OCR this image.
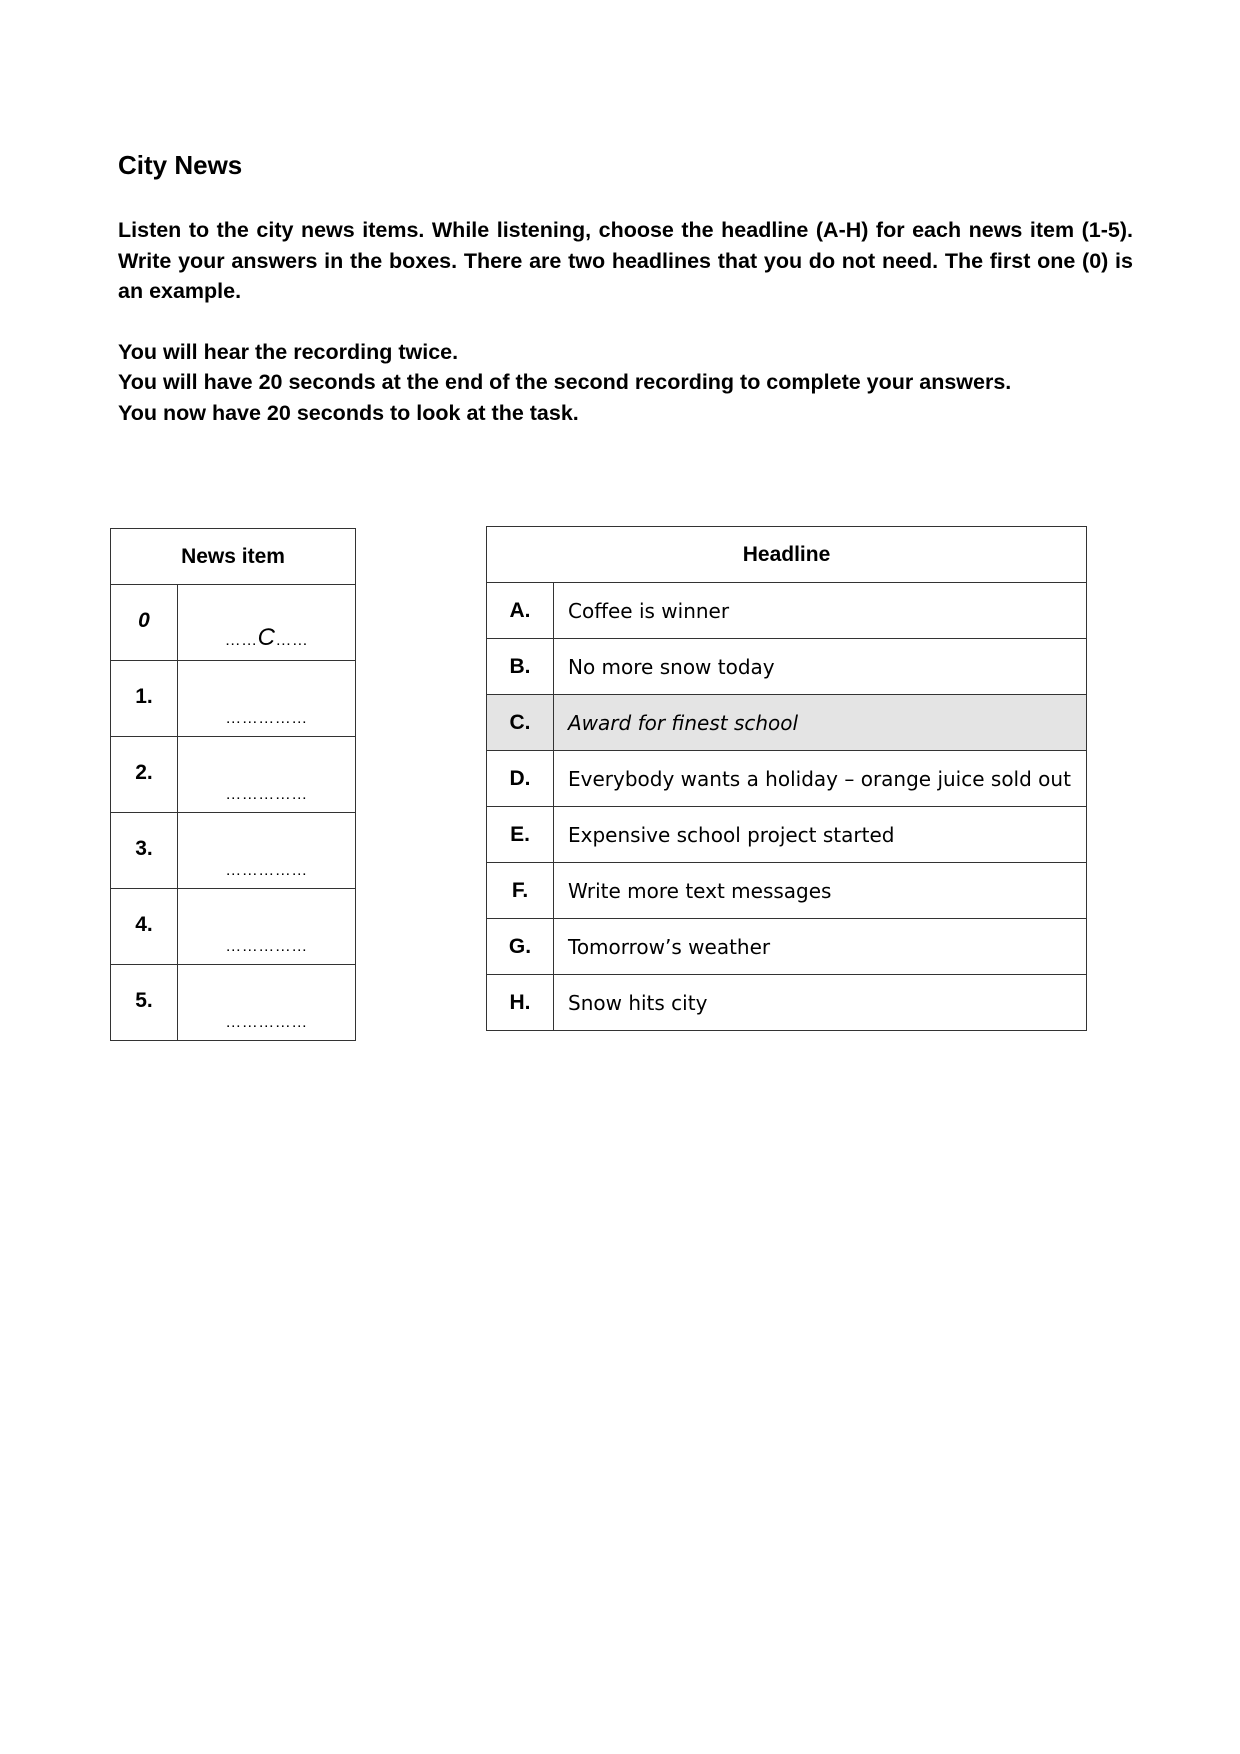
City News

Listen to the city news items. While listening, choose the headline (A-H) for each news item (1-5). Write your answers in the boxes. There are two headlines that you do not need. The first one (0) is an example.

You will hear the recording twice.

You will have 20 seconds at the end of the second recording to complete your answers.

You now have 20 seconds to look at the task.

News item	
0	……C……
1.	……………
2.	……………
3.	……………
4.	……………
5.	……………
Headline	
A.	Coffee is winner
B.	No more snow today
C.	Award for finest school
D.	Everybody wants a holiday – orange juice sold out
E.	Expensive school project started
F.	Write more text messages
G.	Tomorrow’s weather
H.	Snow hits city
